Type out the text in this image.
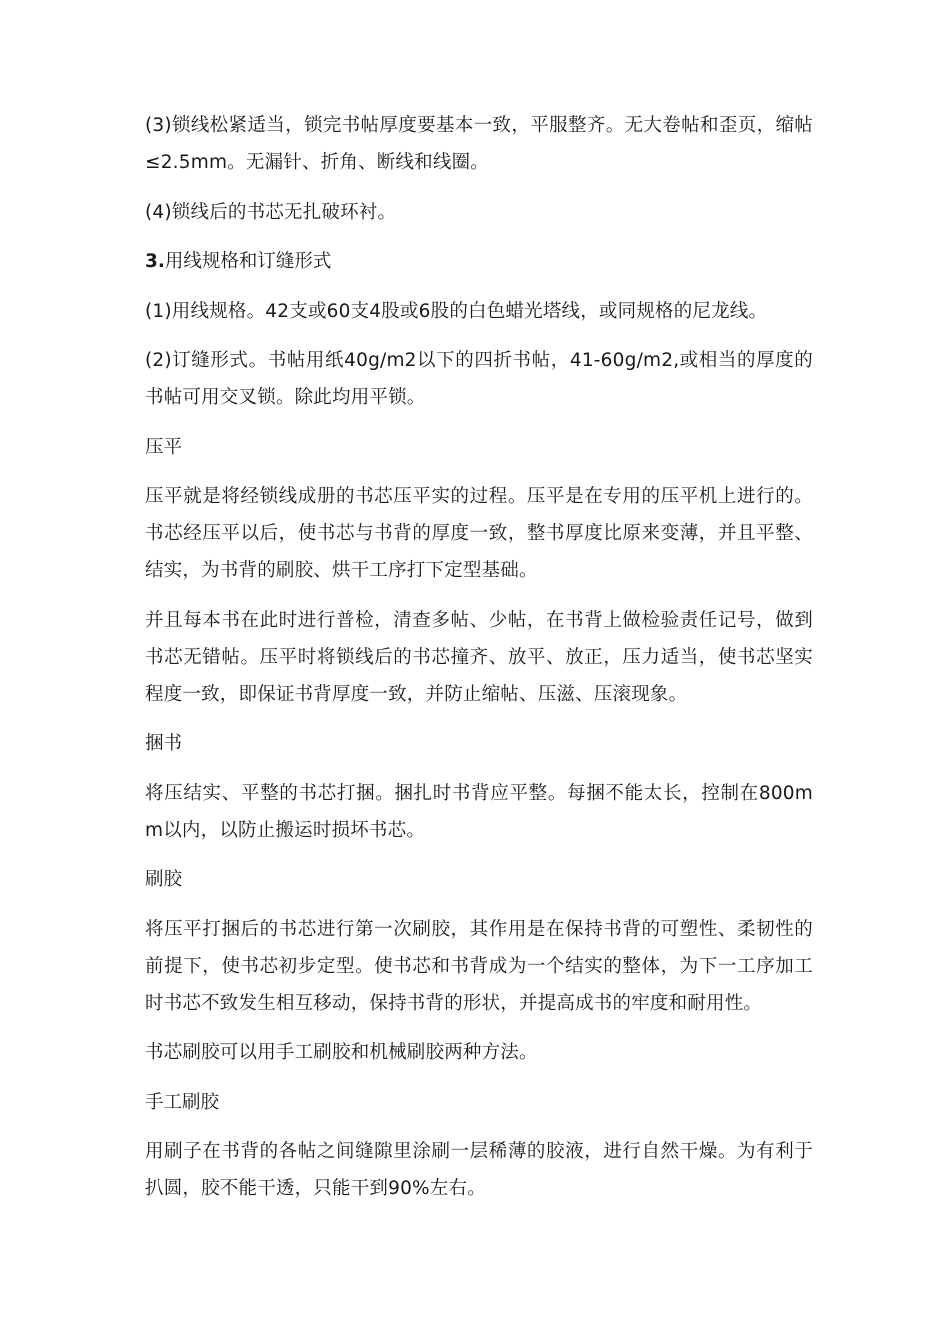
(3)锁线松紧适当，锁完书帖厚度要基本一致，平服整齐。无大卷帖和歪页，缩帖≤2.5mm。无漏针、折角、断线和线圈。

(4)锁线后的书芯无扎破环衬。

3.用线规格和订缝形式

(1)用线规格。42支或60支4股或6股的白色蜡光塔线，或同规格的尼龙线。

(2)订缝形式。书帖用纸40g/m2以下的四折书帖，41-60g/m2,或相当的厚度的书帖可用交叉锁。除此均用平锁。

压平

压平就是将经锁线成册的书芯压平实的过程。压平是在专用的压平机上进行的。书芯经压平以后，使书芯与书背的厚度一致，整书厚度比原来变薄，并且平整、结实，为书背的刷胶、烘干工序打下定型基础。

并且每本书在此时进行普检，清查多帖、少帖，在书背上做检验责任记号，做到书芯无错帖。压平时将锁线后的书芯撞齐、放平、放正，压力适当，使书芯坚实程度一致，即保证书背厚度一致，并防止缩帖、压滋、压滚现象。

捆书

将压结实、平整的书芯打捆。捆扎时书背应平整。每捆不能太长，控制在800mm以内，以防止搬运时损坏书芯。

刷胶

将压平打捆后的书芯进行第一次刷胶，其作用是在保持书背的可塑性、柔韧性的前提下，使书芯初步定型。使书芯和书背成为一个结实的整体，为下一工序加工时书芯不致发生相互移动，保持书背的形状，并提高成书的牢度和耐用性。

书芯刷胶可以用手工刷胶和机械刷胶两种方法。

手工刷胶

用刷子在书背的各帖之间缝隙里涂刷一层稀薄的胶液，进行自然干燥。为有利于扒圆，胶不能干透，只能干到90%左右。
